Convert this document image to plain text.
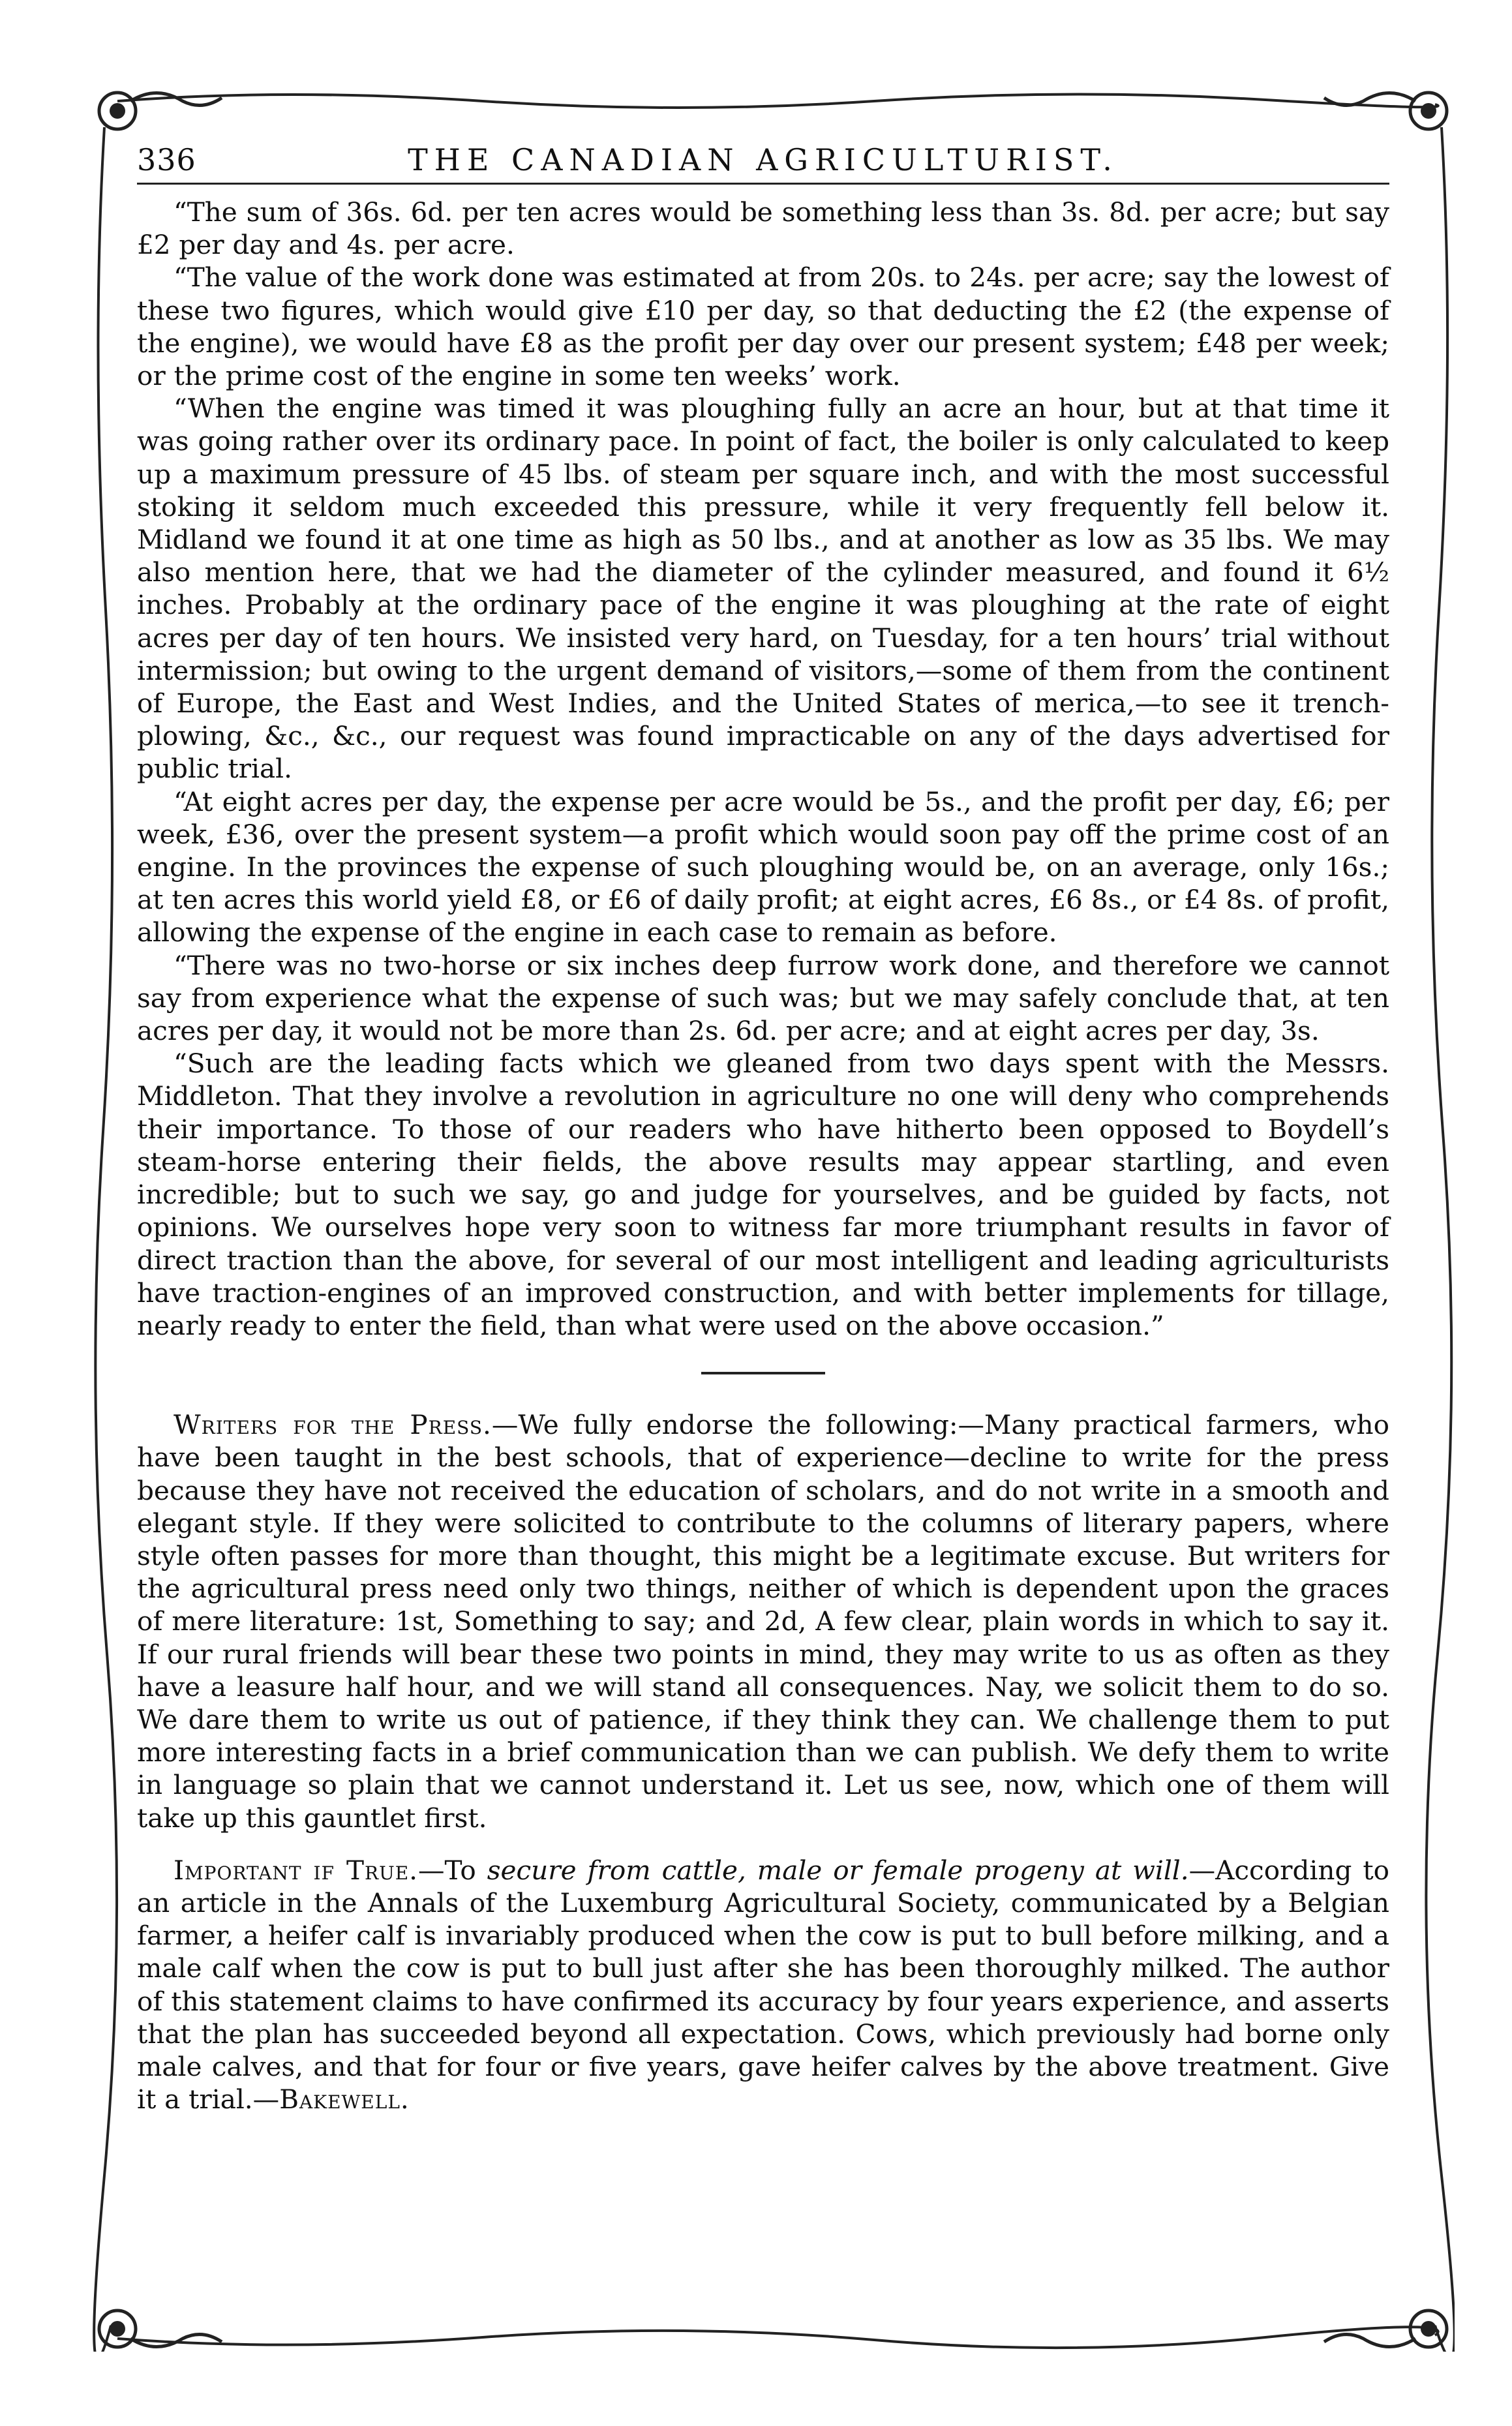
336	THE CANADIAN AGRICULTURIST.

“The sum of 36s. 6d. per ten acres would be something less than 3s. 8d. per acre; but say £2 per day and 4s. per acre.

“The value of the work done was estimated at from 20s. to 24s. per acre; say the lowest of these two figures, which would give £10 per day, so that deducting the £2 (the expense of the engine), we would have £8 as the profit per day over our present system; £48 per week; or the prime cost of the engine in some ten weeks’ work.

“When the engine was timed it was ploughing fully an acre an hour, but at that time it was going rather over its ordinary pace. In point of fact, the boiler is only calculated to keep up a maximum pressure of 45 lbs. of steam per square inch, and with the most successful stoking it seldom much exceeded this pressure, while it very frequently fell below it. Midland we found it at one time as high as 50 lbs., and at another as low as 35 lbs. We may also mention here, that we had the diameter of the cylinder measured, and found it 6½ inches. Probably at the ordinary pace of the engine it was ploughing at the rate of eight acres per day of ten hours. We insisted very hard, on Tuesday, for a ten hours’ trial without intermission; but owing to the urgent demand of visitors,—some of them from the continent of Europe, the East and West Indies, and the United States of merica,—to see it trench-plowing, &c., &c., our request was found impracticable on any of the days advertised for public trial.

“At eight acres per day, the expense per acre would be 5s., and the profit per day, £6; per week, £36, over the present system—a profit which would soon pay off the prime cost of an engine. In the provinces the expense of such ploughing would be, on an average, only 16s.; at ten acres this world yield £8, or £6 of daily profit; at eight acres, £6 8s., or £4 8s. of profit, allowing the expense of the engine in each case to remain as before.

“There was no two-horse or six inches deep furrow work done, and therefore we cannot say from experience what the expense of such was; but we may safely conclude that, at ten acres per day, it would not be more than 2s. 6d. per acre; and at eight acres per day, 3s.

“Such are the leading facts which we gleaned from two days spent with the Messrs. Middleton. That they involve a revolution in agriculture no one will deny who comprehends their importance. To those of our readers who have hitherto been opposed to Boydell’s steam-horse entering their fields, the above results may appear startling, and even incredible; but to such we say, go and judge for yourselves, and be guided by facts, not opinions. We ourselves hope very soon to witness far more triumphant results in favor of direct traction than the above, for several of our most intelligent and leading agriculturists have traction-engines of an improved construction, and with better implements for tillage, nearly ready to enter the field, than what were used on the above occasion.”

Writers for the Press.—We fully endorse the following:—Many practical farmers, who have been taught in the best schools, that of experience—decline to write for the press because they have not received the education of scholars, and do not write in a smooth and elegant style. If they were solicited to contribute to the columns of literary papers, where style often passes for more than thought, this might be a legitimate excuse. But writers for the agricultural press need only two things, neither of which is dependent upon the graces of mere literature: 1st, Something to say; and 2d, A few clear, plain words in which to say it. If our rural friends will bear these two points in mind, they may write to us as often as they have a leasure half hour, and we will stand all consequences. Nay, we solicit them to do so. We dare them to write us out of patience, if they think they can. We challenge them to put more interesting facts in a brief communication than we can publish. We defy them to write in language so plain that we cannot understand it. Let us see, now, which one of them will take up this gauntlet first.

Important if True.—To secure from cattle, male or female progeny at will.—According to an article in the Annals of the Luxemburg Agricultural Society, communicated by a Belgian farmer, a heifer calf is invariably produced when the cow is put to bull before milking, and a male calf when the cow is put to bull just after she has been thoroughly milked. The author of this statement claims to have confirmed its accuracy by four years experience, and asserts that the plan has succeeded beyond all expectation. Cows, which previously had borne only male calves, and that for four or five years, gave heifer calves by the above treatment. Give it a trial.—Bakewell.
